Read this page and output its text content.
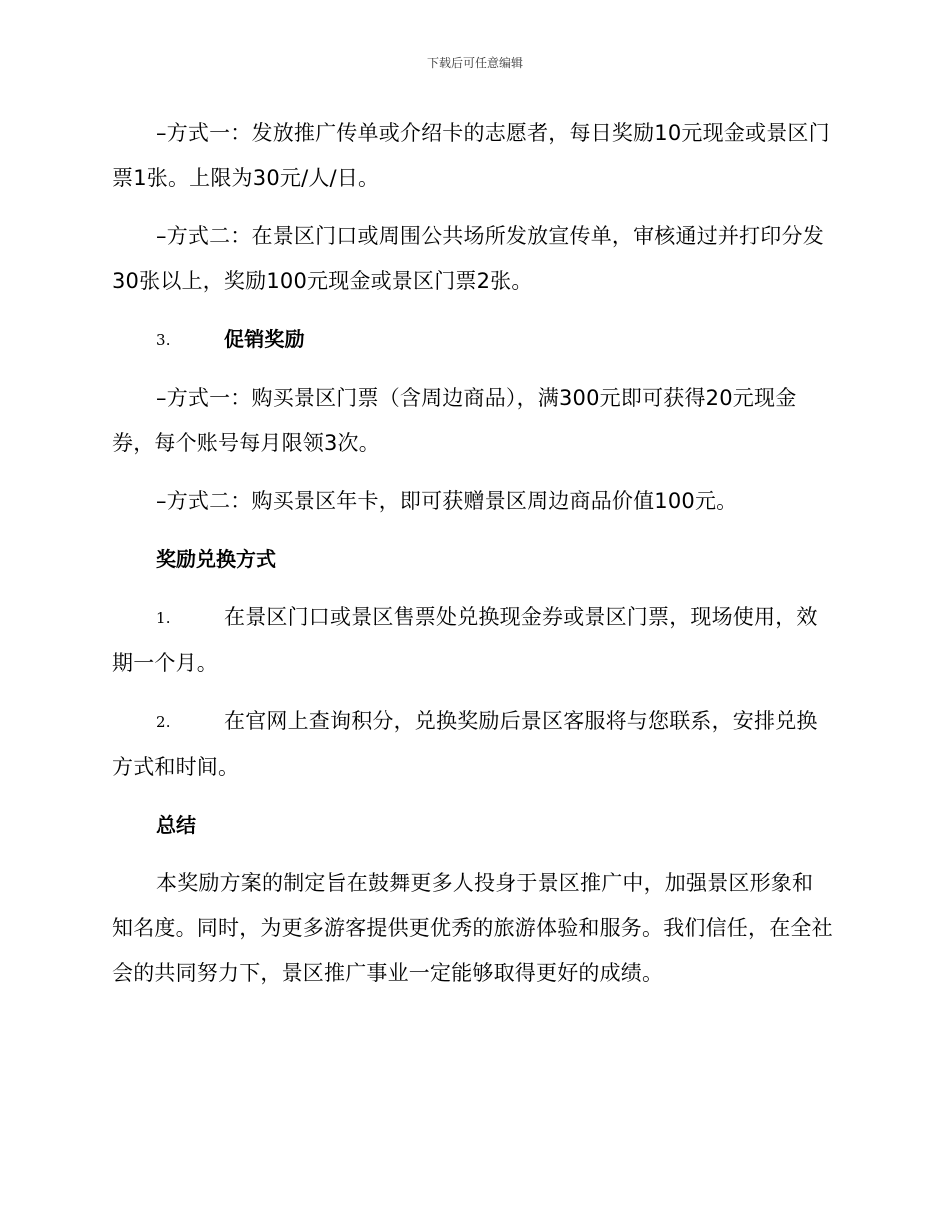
下载后可任意编辑

–方式一：发放推广传单或介绍卡的志愿者，每日奖励10元现金或景区门票1张。上限为30元/人/日。

–方式二：在景区门口或周围公共场所发放宣传单，审核通过并打印分发30张以上，奖励100元现金或景区门票2张。

3.	促销奖励

–方式一：购买景区门票（含周边商品），满300元即可获得20元现金券，每个账号每月限领3次。

–方式二：购买景区年卡，即可获赠景区周边商品价值100元。

奖励兑换方式

1.	在景区门口或景区售票处兑换现金券或景区门票，现场使用，效期一个月。

2.	在官网上查询积分，兑换奖励后景区客服将与您联系，安排兑换方式和时间。

总结

本奖励方案的制定旨在鼓舞更多人投身于景区推广中，加强景区形象和知名度。同时，为更多游客提供更优秀的旅游体验和服务。我们信任，在全社会的共同努力下，景区推广事业一定能够取得更好的成绩。
